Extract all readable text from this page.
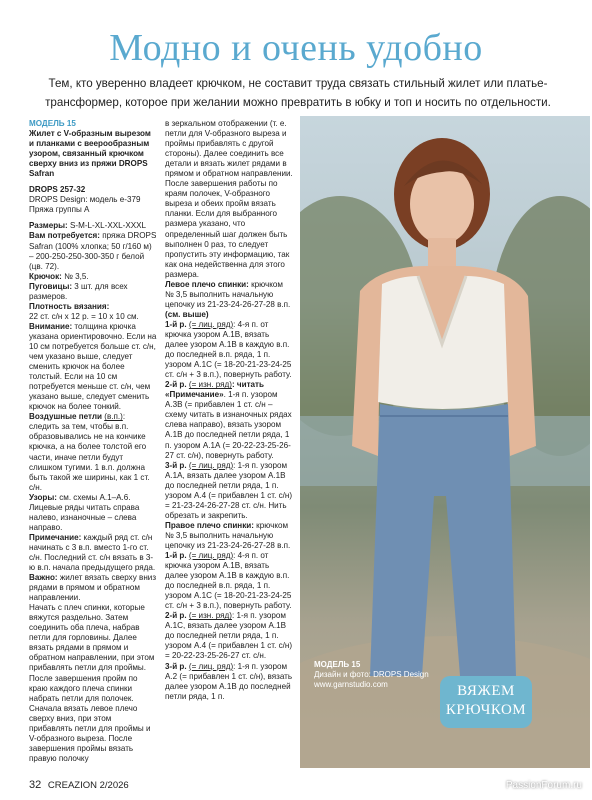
Модно и очень удобно
Тем, кто уверенно владеет крючком, не составит труда связать стильный жилет или платье-трансформер, которое при желании можно превратить в юбку и топ и носить по отдельности.

МОДЕЛЬ 15

Жилет с V-образным вырезом и планками с веерообразным узором, связанный крючком сверху вниз из пряжи DROPS Safran

DROPS 257-32

DROPS Design: модель е-379

Пряжа группы А

Размеры: S-M-L-XL-XXL-XXXL

Вам потребуется: пряжа DROPS Safran (100% хлопка; 50 г/160 м) – 200-250-250-300-350 г белой (цв. 72).

Крючок: № 3,5.

Пуговицы: 3 шт. для всех размеров.

Плотность вязания:

22 ст. с/н х 12 р. = 10 х 10 см.

Внимание: толщина крючка указана ориентировочно. Если на 10 см потребуется больше ст. с/н, чем указано выше, следует сменить крючок на более толстый. Если на 10 см потребуется меньше ст. с/н, чем указано выше, следует сменить крючок на более тонкий.

Воздушные петли (в.п.): следить за тем, чтобы в.п. образовывались не на кончике крючка, а на более толстой его части, иначе петли будут слишком тугими. 1 в.п. должна быть такой же ширины, как 1 ст. с/н.

Узоры: см. схемы А.1–А.6. Лицевые ряды читать справа налево, изнаночные – слева направо.

Примечание: каждый ряд ст. с/н начинать с 3 в.п. вместо 1-го ст. с/н. Последний ст. с/н вязать в 3-ю в.п. начала предыдущего ряда.

Важно: жилет вязать сверху вниз рядами в прямом и обратном направлении.

Начать с плеч спинки, которые вяжутся раздельно. Затем соединить оба плеча, набрав петли для горловины. Далее вязать рядами в прямом и обратном направлении, при этом прибавлять петли для проймы. После завершения пройм по краю каждого плеча спинки набрать петли для полочек. Сначала вязать левое плечо сверху вниз, при этом прибавлять петли для проймы и V-образного выреза. После завершения проймы вязать правую полочку

в зеркальном отображении (т. е. петли для V-образного выреза и проймы прибавлять с другой стороны). Далее соединить все детали и вязать жилет рядами в прямом и обратном направлении. После завершения работы по краям полочек, V-образного выреза и обеих пройм вязать планки. Если для выбранного размера указано, что определенный шаг должен быть выполнен 0 раз, то следует пропустить эту информацию, так как она недейственна для этого размера.

Левое плечо спинки: крючком № 3,5 выполнить начальную цепочку из 21-23-24-26-27-28 в.п. (см. выше)

1-й р. (= лиц. ряд): 4-я п. от крючка узором А.1В, вязать далее узором А.1В в каждую в.п. до последней в.п. ряда, 1 п. узором А.1С (= 18-20-21-23-24-25 ст. с/н + 3 в.п.), повернуть работу.

2-й р. (= изн. ряд): читать «Примечание». 1-я п. узором А.3В (= прибавлен 1 ст. с/н – схему читать в изнаночных рядах слева направо), вязать узором А.1В до последней петли ряда, 1 п. узором А.1А (= 20-22-23-25-26-27 ст. с/н), повернуть работу.

3-й р. (= лиц. ряд): 1-я п. узором А.1А, вязать далее узором А.1В до последней петли ряда, 1 п. узором А.4 (= прибавлен 1 ст. с/н) = 21-23-24-26-27-28 ст. с/н. Нить обрезать и закрепить.

Правое плечо спинки: крючком № 3,5 выполнить начальную цепочку из 21-23-24-26-27-28 в.п.

1-й р. (= лиц. ряд): 4-я п. от крючка узором А.1В, вязать далее узором А.1В в каждую в.п. до последней в.п. ряда, 1 п. узором А.1С (= 18-20-21-23-24-25 ст. с/н + 3 в.п.), повернуть работу.

2-й р. (= изн. ряд): 1-я п. узором А.1С, вязать далее узором А.1В до последней петли ряда, 1 п. узором А.4 (= прибавлен 1 ст. с/н) = 20-22-23-25-26-27 ст. с/н.

3-й р. (= лиц. ряд): 1-я п. узором А.2 (= прибавлен 1 ст. с/н), вязать далее узором А.1В до последней петли ряда, 1 п.

МОДЕЛЬ 15

Дизайн и фото: DROPS Design

www.garnstudio.com	ВЯЖЕМ
КРЮЧКОМ
32 CREAZION 2/2026	PassionForum.ru
